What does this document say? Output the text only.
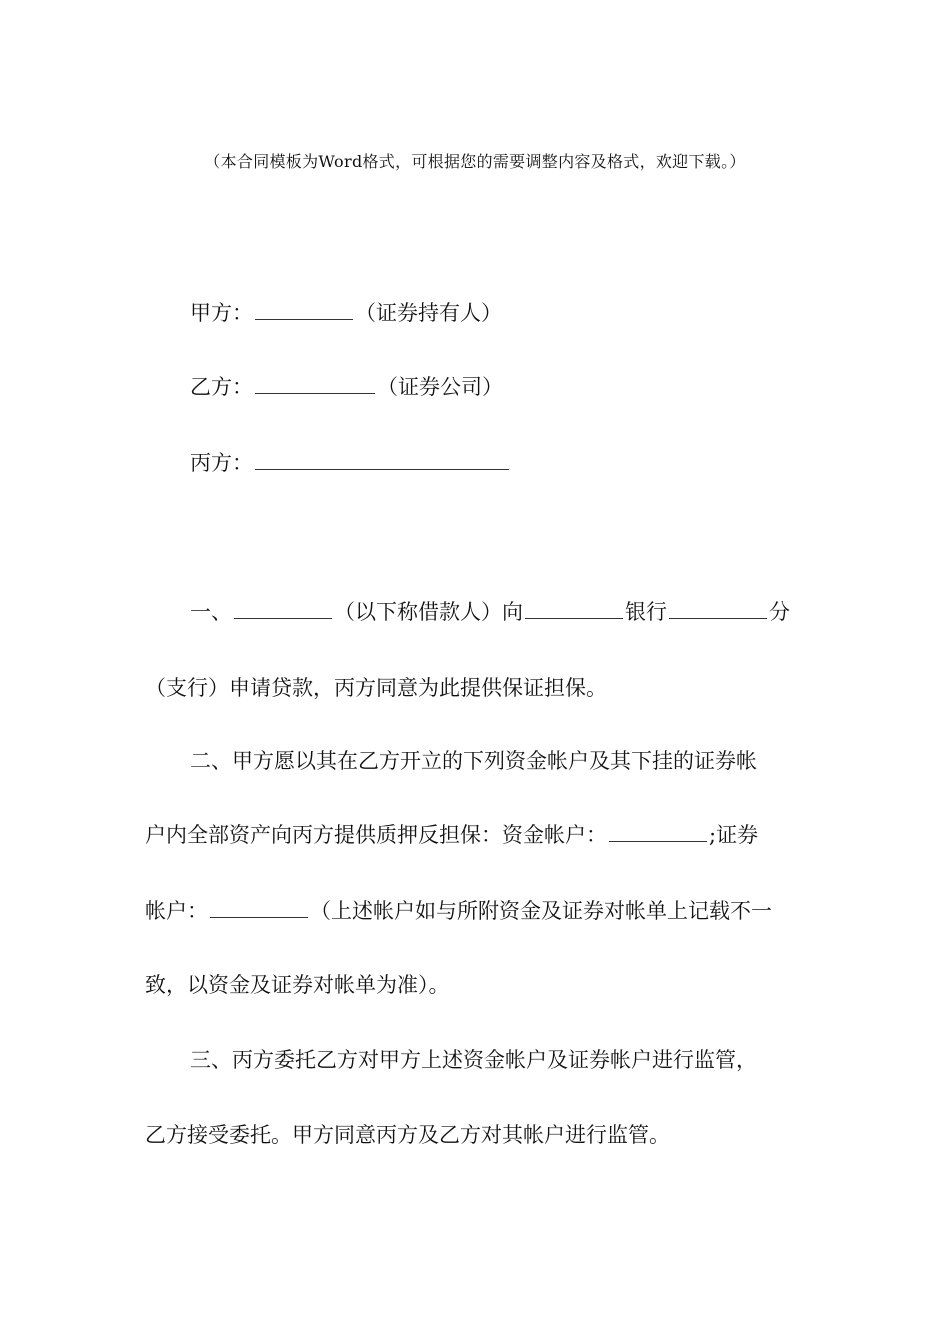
（本合同模板为Word格式，可根据您的需要调整内容及格式，欢迎下载。）
甲方：	（证券持有人）
乙方：	（证券公司）
丙方：
一、	（以下称借款人）向	银行	分
（支行）申请贷款，丙方同意为此提供保证担保。
二、甲方愿以其在乙方开立的下列资金帐户及其下挂的证券帐
户内全部资产向丙方提供质押反担保：资金帐户：	;证券
帐户：	（上述帐户如与所附资金及证券对帐单上记载不一
致，以资金及证券对帐单为准）。
三、丙方委托乙方对甲方上述资金帐户及证券帐户进行监管，
乙方接受委托。甲方同意丙方及乙方对其帐户进行监管。
